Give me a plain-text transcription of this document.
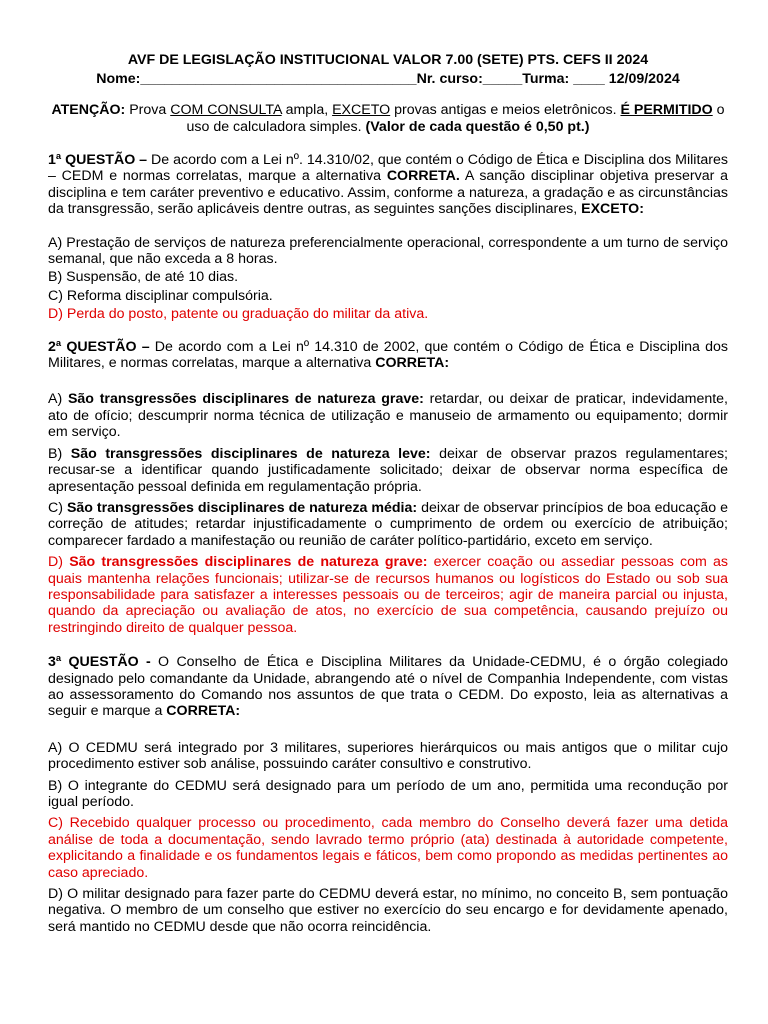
AVF DE LEGISLAÇÃO INSTITUCIONAL VALOR 7.00 (SETE) PTS. CEFS II 2024
Nome:___________________________________Nr. curso:_____Turma: ____ 12/09/2024
ATENÇÃO: Prova COM CONSULTA ampla, EXCETO provas antigas e meios eletrônicos. É PERMITIDO o uso de calculadora simples. (Valor de cada questão é 0,50 pt.)

1ª QUESTÃO – De acordo com a Lei nº. 14.310/02, que contém o Código de Ética e Disciplina dos Militares – CEDM e normas correlatas, marque a alternativa CORRETA. A sanção disciplinar objetiva preservar a disciplina e tem caráter preventivo e educativo. Assim, conforme a natureza, a gradação e as circunstâncias da transgressão, serão aplicáveis dentre outras, as seguintes sanções disciplinares, EXCETO:

A) Prestação de serviços de natureza preferencialmente operacional, correspondente a um turno de serviço semanal, que não exceda a 8 horas.

B) Suspensão, de até 10 dias.

C) Reforma disciplinar compulsória.

D) Perda do posto, patente ou graduação do militar da ativa.

2ª QUESTÃO – De acordo com a Lei nº 14.310 de 2002, que contém o Código de Ética e Disciplina dos Militares, e normas correlatas, marque a alternativa CORRETA:

A) São transgressões disciplinares de natureza grave: retardar, ou deixar de praticar, indevidamente, ato de ofício; descumprir norma técnica de utilização e manuseio de armamento ou equipamento; dormir em serviço.

B) São transgressões disciplinares de natureza leve: deixar de observar prazos regulamentares; recusar-se a identificar quando justificadamente solicitado; deixar de observar norma específica de apresentação pessoal definida em regulamentação própria.

C) São transgressões disciplinares de natureza média: deixar de observar princípios de boa educação e correção de atitudes; retardar injustificadamente o cumprimento de ordem ou exercício de atribuição; comparecer fardado a manifestação ou reunião de caráter político-partidário, exceto em serviço.

D) São transgressões disciplinares de natureza grave: exercer coação ou assediar pessoas com as quais mantenha relações funcionais; utilizar-se de recursos humanos ou logísticos do Estado ou sob sua responsabilidade para satisfazer a interesses pessoais ou de terceiros; agir de maneira parcial ou injusta, quando da apreciação ou avaliação de atos, no exercício de sua competência, causando prejuízo ou restringindo direito de qualquer pessoa.

3ª QUESTÃO - O Conselho de Ética e Disciplina Militares da Unidade-CEDMU, é o órgão colegiado designado pelo comandante da Unidade, abrangendo até o nível de Companhia Independente, com vistas ao assessoramento do Comando nos assuntos de que trata o CEDM. Do exposto, leia as alternativas a seguir e marque a CORRETA:

A) O CEDMU será integrado por 3 militares, superiores hierárquicos ou mais antigos que o militar cujo procedimento estiver sob análise, possuindo caráter consultivo e construtivo.

B) O integrante do CEDMU será designado para um período de um ano, permitida uma recondução por igual período.

C) Recebido qualquer processo ou procedimento, cada membro do Conselho deverá fazer uma detida análise de toda a documentação, sendo lavrado termo próprio (ata) destinada à autoridade competente, explicitando a finalidade e os fundamentos legais e fáticos, bem como propondo as medidas pertinentes ao caso apreciado.

D) O militar designado para fazer parte do CEDMU deverá estar, no mínimo, no conceito B, sem pontuação negativa. O membro de um conselho que estiver no exercício do seu encargo e for devidamente apenado, será mantido no CEDMU desde que não ocorra reincidência.
